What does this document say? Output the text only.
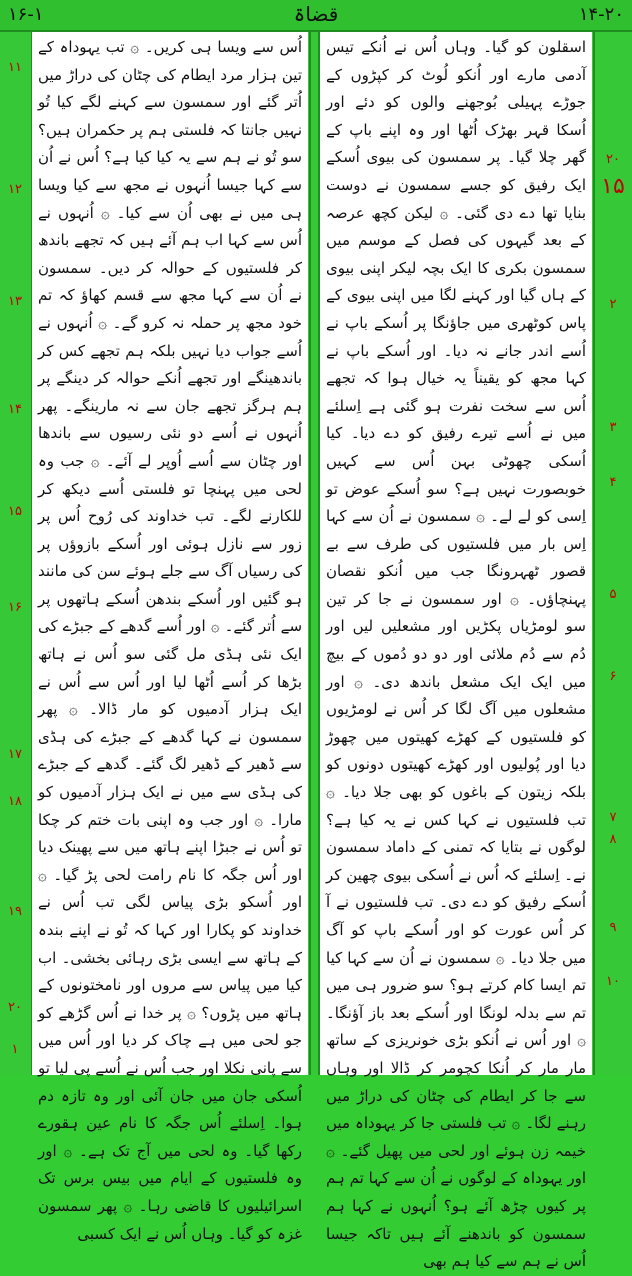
۱۶-۱	قضاۃ	۱۴-۲۰
۱۱
۱۲
۱۳
۱۴
۱۵
۱۶
۱۷
۱۸
۱۹
۲۰
۱
اُس سے ویسا ہی کریں۔ ۞ تب یہوداہ کے تین ہزار مرد ایطام کی چٹان کی دراڑ میں اُتر گئے اور سمسون سے کہنے لگے کیا تُو نہیں جانتا کہ فلستی ہم پر حکمران ہیں؟ سو تُو نے ہم سے یہ کیا کیا ہے؟ اُس نے اُن سے کہا جیسا اُنہوں نے مجھ سے کیا ویسا ہی میں نے بھی اُن سے کیا۔ ۞ اُنہوں نے اُس سے کہا اب ہم آئے ہیں کہ تجھے باندھ کر فلستیوں کے حوالہ کر دیں۔ سمسون نے اُن سے کہا مجھ سے قسم کھاؤ کہ تم خود مجھ پر حملہ نہ کرو گے۔ ۞ اُنہوں نے اُسے جواب دیا نہیں بلکہ ہم تجھے کس کر باندھینگے اور تجھے اُنکے حوالہ کر دینگے پر ہم ہرگز تجھے جان سے نہ مارینگے۔ پھر اُنہوں نے اُسے دو نئی رسیوں سے باندھا اور چٹان سے اُسے اُوپر لے آئے۔ ۞ جب وہ لحی میں پہنچا تو فلستی اُسے دیکھ کر للکارنے لگے۔ تب خداوند کی رُوح اُس پر زور سے نازل ہوئی اور اُسکے بازوؤں پر کی رسیاں آگ سے جلے ہوئے سن کی مانند ہو گئیں اور اُسکے بندھن اُسکے ہاتھوں پر سے اُتر گئے۔ ۞ اور اُسے گدھے کے جبڑے کی ایک نئی ہڈی مل گئی سو اُس نے ہاتھ بڑھا کر اُسے اُٹھا لیا اور اُس سے اُس نے ایک ہزار آدمیوں کو مار ڈالا۔ ۞ پھر سمسون نے کہا گدھے کے جبڑے کی ہڈی سے ڈھیر کے ڈھیر لگ گئے۔ گدھے کے جبڑے کی ہڈی سے میں نے ایک ہزار آدمیوں کو مارا۔ ۞ اور جب وہ اپنی بات ختم کر چکا تو اُس نے جبڑا اپنے ہاتھ میں سے پھینک دیا اور اُس جگہ کا نام رامت لحی پڑ گیا۔ ۞ اور اُسکو بڑی پیاس لگی تب اُس نے خداوند کو پکارا اور کہا کہ تُو نے اپنے بندہ کے ہاتھ سے ایسی بڑی رہائی بخشی۔ اب کیا میں پیاس سے مروں اور نامختونوں کے ہاتھ میں پڑوں؟ ۞ پر خدا نے اُس گڑھے کو جو لحی میں ہے چاک کر دیا اور اُس میں سے پانی نکلا اور جب اُس نے اُسے پی لیا تو اُسکی جان میں جان آئی اور وہ تازہ دم ہوا۔ اِسلئے اُس جگہ کا نام عین ہقورے رکھا گیا۔ وہ لحی میں آج تک ہے۔ ۞ اور وہ فلستیوں کے ایام میں بیس برس تک اسرائیلیوں کا قاضی رہا۔ ۞ پھر سمسون غزہ کو گیا۔ وہاں اُس نے ایک کسبی
اسقلون کو گیا۔ وہاں اُس نے اُنکے تیس آدمی مارے اور اُنکو لُوٹ کر کپڑوں کے جوڑے پہیلی بُوجھنے والوں کو دئے اور اُسکا قہر بھڑک اُٹھا اور وہ اپنے باپ کے گھر چلا گیا۔ پر سمسون کی بیوی اُسکے ایک رفیق کو جسے سمسون نے دوست بنایا تھا دے دی گئی۔ ۞ لیکن کچھ عرصہ کے بعد گیہوں کی فصل کے موسم میں سمسون بکری کا ایک بچہ لیکر اپنی بیوی کے ہاں گیا اور کہنے لگا میں اپنی بیوی کے پاس کوٹھری میں جاؤنگا پر اُسکے باپ نے اُسے اندر جانے نہ دیا۔ اور اُسکے باپ نے کہا مجھ کو یقیناً یہ خیال ہوا کہ تجھے اُس سے سخت نفرت ہو گئی ہے اِسلئے میں نے اُسے تیرے رفیق کو دے دیا۔ کیا اُسکی چھوٹی بہن اُس سے کہیں خوبصورت نہیں ہے؟ سو اُسکے عوض تو اِسی کو لے لے۔ ۞ سمسون نے اُن سے کہا اِس بار میں فلستیوں کی طرف سے بے قصور ٹھہرونگا جب میں اُنکو نقصان پہنچاؤں۔ ۞ اور سمسون نے جا کر تین سو لومڑیاں پکڑیں اور مشعلیں لیں اور دُم سے دُم ملائی اور دو دو دُموں کے بیچ میں ایک ایک مشعل باندھ دی۔ ۞ اور مشعلوں میں آگ لگا کر اُس نے لومڑیوں کو فلستیوں کے کھڑے کھیتوں میں چھوڑ دیا اور پُولیوں اور کھڑے کھیتوں دونوں کو بلکہ زیتون کے باغوں کو بھی جلا دیا۔ ۞ تب فلستیوں نے کہا کس نے یہ کیا ہے؟ لوگوں نے بتایا کہ تمنی کے داماد سمسون نے۔ اِسلئے کہ اُس نے اُسکی بیوی چھین کر اُسکے رفیق کو دے دی۔ تب فلستیوں نے آ کر اُس عورت کو اور اُسکے باپ کو آگ میں جلا دیا۔ ۞ سمسون نے اُن سے کہا کیا تم ایسا کام کرتے ہو؟ سو ضرور ہی میں تم سے بدلہ لونگا اور اُسکے بعد باز آؤنگا۔ ۞ اور اُس نے اُنکو بڑی خونریزی کے ساتھ مار مار کر اُنکا کچومر کر ڈالا اور وہاں سے جا کر ایطام کی چٹان کی دراڑ میں رہنے لگا۔ ۞ تب فلستی جا کر یہوداہ میں خیمہ زن ہوئے اور لحی میں پھیل گئے۔ ۞ اور یہوداہ کے لوگوں نے اُن سے کہا تم ہم پر کیوں چڑھ آئے ہو؟ اُنہوں نے کہا ہم سمسون کو باندھنے آئے ہیں تاکہ جیسا اُس نے ہم سے کیا ہم بھی
۲۰
۱۵
۲
۳
۴
۵
۶
۷
۸
۹
۱۰
